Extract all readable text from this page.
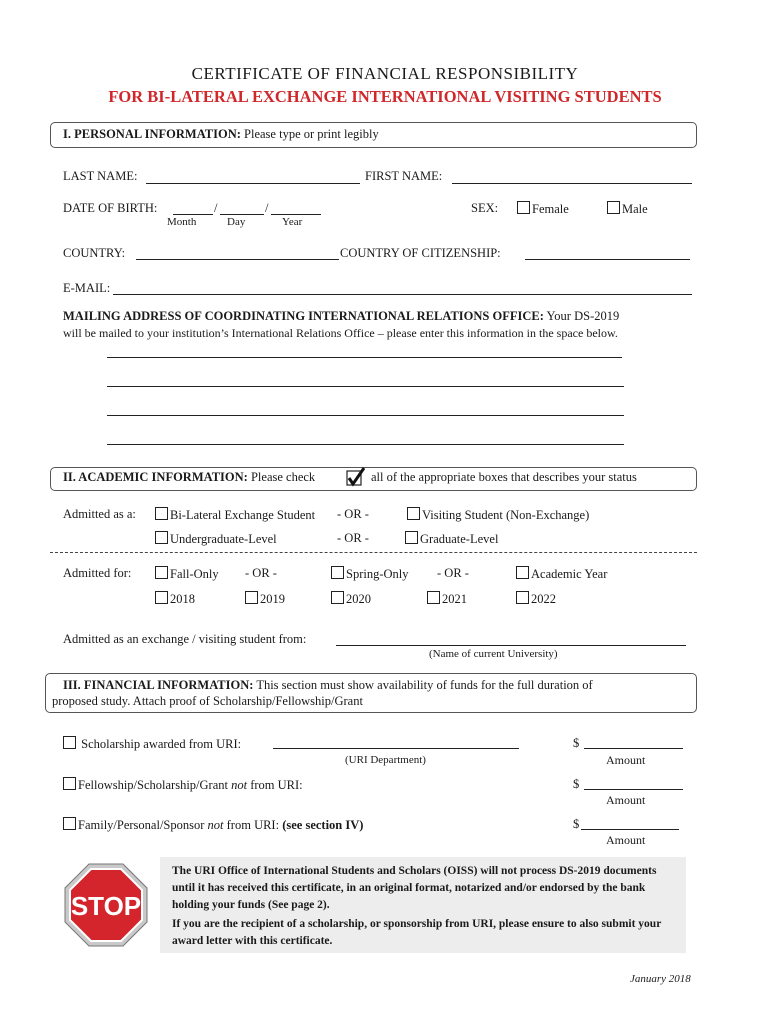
CERTIFICATE OF FINANCIAL RESPONSIBILITY
FOR BI-LATERAL EXCHANGE INTERNATIONAL VISITING STUDENTS
I. PERSONAL INFORMATION: Please type or print legibly
LAST NAME:	FIRST NAME:
DATE OF BIRTH:	/	/
Month	Day	Year
SEX:	Female	Male
COUNTRY:	COUNTRY OF CITIZENSHIP:
E-MAIL:
MAILING ADDRESS OF COORDINATING INTERNATIONAL RELATIONS OFFICE: Your DS-2019
will be mailed to your institution’s International Relations Office – please enter this information in the space below.
II. ACADEMIC INFORMATION: Please check	all of the appropriate boxes that describes your status
Admitted as a:	Bi-Lateral Exchange Student - OR -	Visiting Student (Non-Exchange)
Undergraduate-Level	- OR -	Graduate-Level
Admitted for:	Fall-Only - OR -	Spring-Only - OR -	Academic Year
2018	2019	2020	2021	2022
Admitted as an exchange / visiting student from:
(Name of current University)
III. FINANCIAL INFORMATION: This section must show availability of funds for the full duration of
proposed study. Attach proof of Scholarship/Fellowship/Grant
Scholarship awarded from URI:
(URI Department)
$
Amount
Fellowship/Scholarship/Grant not from URI:	$
Amount
Family/Personal/Sponsor not from URI: (see section IV)	$
Amount
STOP
The URI Office of International Students and Scholars (OISS) will not process DS-2019 documents until it has received this certificate, in an original format, notarized and/or endorsed by the bank holding your funds (See page 2).
If you are the recipient of a scholarship, or sponsorship from URI, please ensure to also submit your award letter with this certificate.
January 2018
